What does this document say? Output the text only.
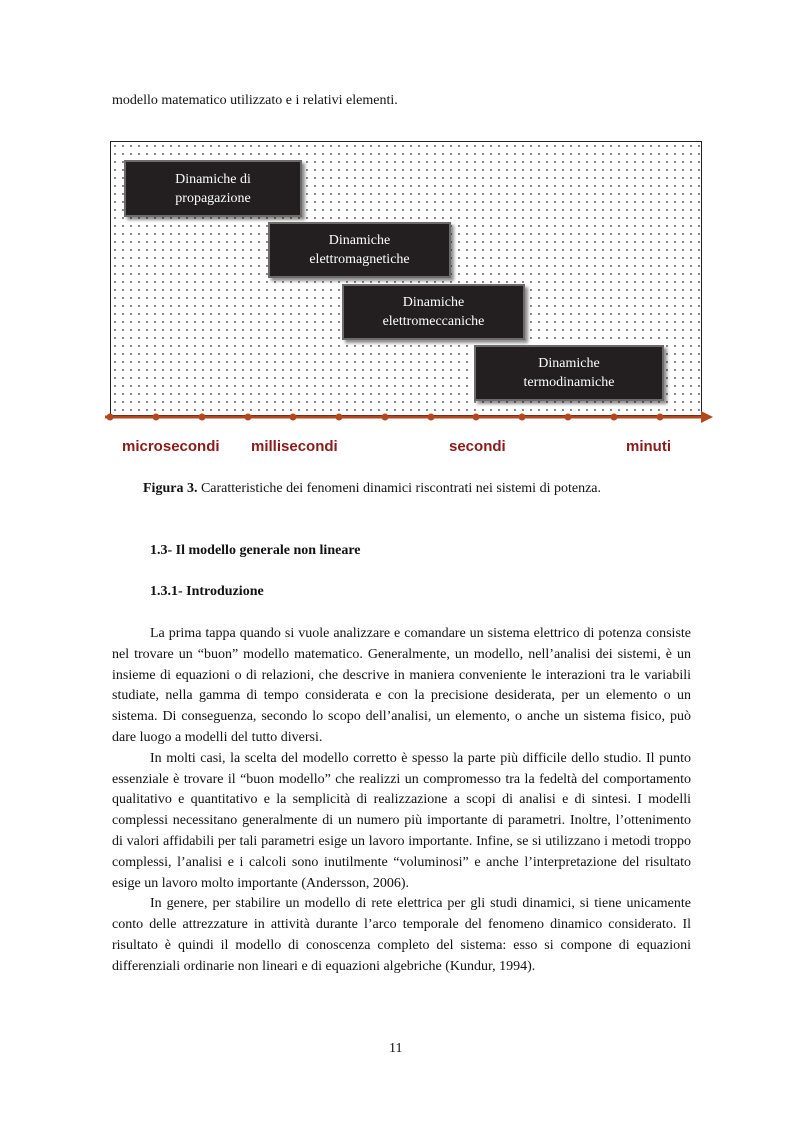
modello matematico utilizzato e i relativi elementi.
Dinamiche di
propagazione
Dinamiche
elettromagnetiche
Dinamiche
elettromeccaniche
Dinamiche
termodinamiche
microsecondi millisecondi	secondi	minuti
Figura 3. Caratteristiche dei fenomeni dinamici riscontrati nei sistemi di potenza.
1.3- Il modello generale non lineare
1.3.1- Introduzione

La prima tappa quando si vuole analizzare e comandare un sistema elettrico di potenza consiste nel trovare un “buon” modello matematico. Generalmente, un modello, nell’analisi dei sistemi, è un insieme di equazioni o di relazioni, che descrive in maniera conveniente le interazioni tra le variabili studiate, nella gamma di tempo considerata e con la precisione desiderata, per un elemento o un sistema. Di conseguenza, secondo lo scopo dell’analisi, un elemento, o anche un sistema fisico, può dare luogo a modelli del tutto diversi.

In molti casi, la scelta del modello corretto è spesso la parte più difficile dello studio. Il punto essenziale è trovare il “buon modello” che realizzi un compromesso tra la fedeltà del comportamento qualitativo e quantitativo e la semplicità di realizzazione a scopi di analisi e di sintesi. I modelli complessi necessitano generalmente di un numero più importante di parametri. Inoltre, l’ottenimento di valori affidabili per tali parametri esige un lavoro importante. Infine, se si utilizzano i metodi troppo complessi, l’analisi e i calcoli sono inutilmente “voluminosi” e anche l’interpretazione del risultato esige un lavoro molto importante (Andersson, 2006).

In genere, per stabilire un modello di rete elettrica per gli studi dinamici, si tiene unicamente conto delle attrezzature in attività durante l’arco temporale del fenomeno dinamico considerato. Il risultato è quindi il modello di conoscenza completo del sistema: esso si compone di equazioni differenziali ordinarie non lineari e di equazioni algebriche (Kundur, 1994).

11
